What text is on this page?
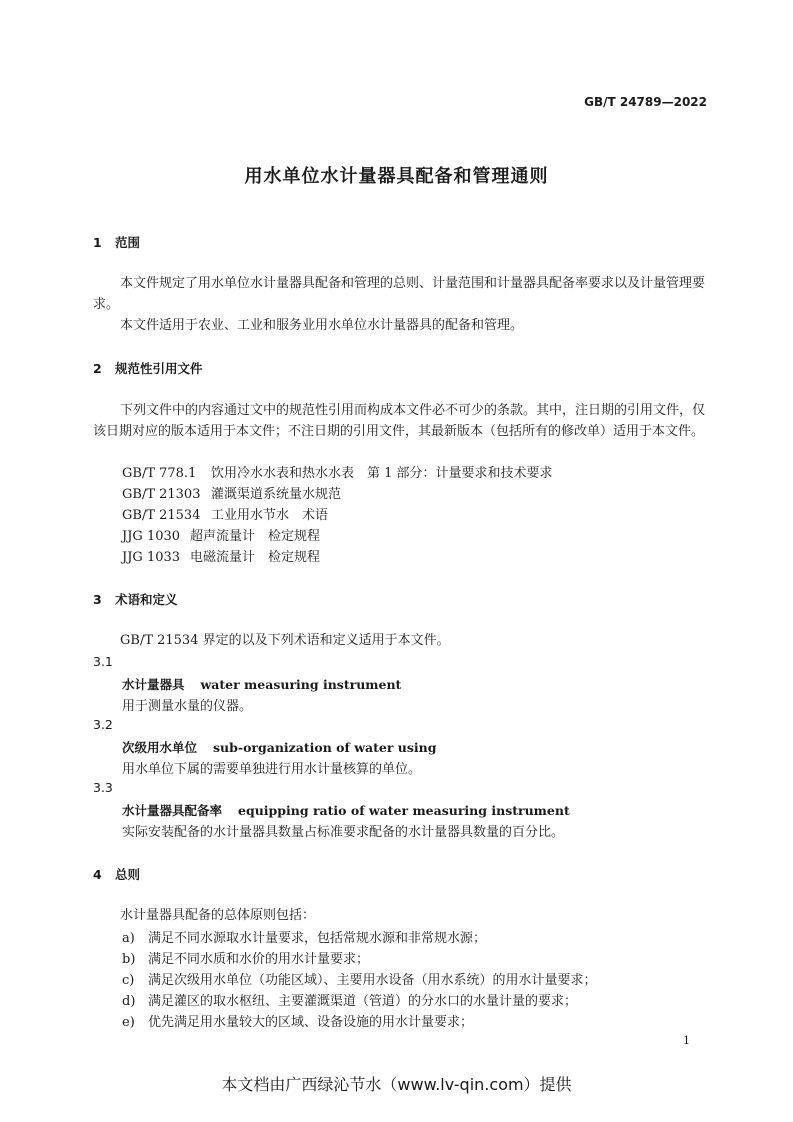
GB/T 24789—2022
用水单位水计量器具配备和管理通则
1 范围
本文件规定了用水单位水计量器具配备和管理的总则、计量范围和计量器具配备率要求以及计量管理要求。
本文件适用于农业、工业和服务业用水单位水计量器具的配备和管理。
2 规范性引用文件
下列文件中的内容通过文中的规范性引用而构成本文件必不可少的条款。其中，注日期的引用文件，仅该日期对应的版本适用于本文件；不注日期的引用文件，其最新版本（包括所有的修改单）适用于本文件。
GB/T 778.1 饮用冷水水表和热水水表　第 1 部分：计量要求和技术要求
GB/T 21303 灌溉渠道系统量水规范
GB/T 21534 工业用水节水　术语
JJG 1030 超声流量计　检定规程
JJG 1033 电磁流量计　检定规程
3 术语和定义
GB/T 21534 界定的以及下列术语和定义适用于本文件。
3.1
水计量器具 water measuring instrument
用于测量水量的仪器。
3.2
次级用水单位 sub-organization of water using
用水单位下属的需要单独进行用水计量核算的单位。
3.3
水计量器具配备率 equipping ratio of water measuring instrument
实际安装配备的水计量器具数量占标准要求配备的水计量器具数量的百分比。
4 总则
水计量器具配备的总体原则包括：
a) 满足不同水源取水计量要求，包括常规水源和非常规水源；
b) 满足不同水质和水价的用水计量要求；
c) 满足次级用水单位（功能区域）、主要用水设备（用水系统）的用水计量要求；
d) 满足灌区的取水枢纽、主要灌溉渠道（管道）的分水口的水量计量的要求；
e) 优先满足用水量较大的区域、设备设施的用水计量要求；
1
本文档由广西绿沁节水（www.lv-qin.com）提供
